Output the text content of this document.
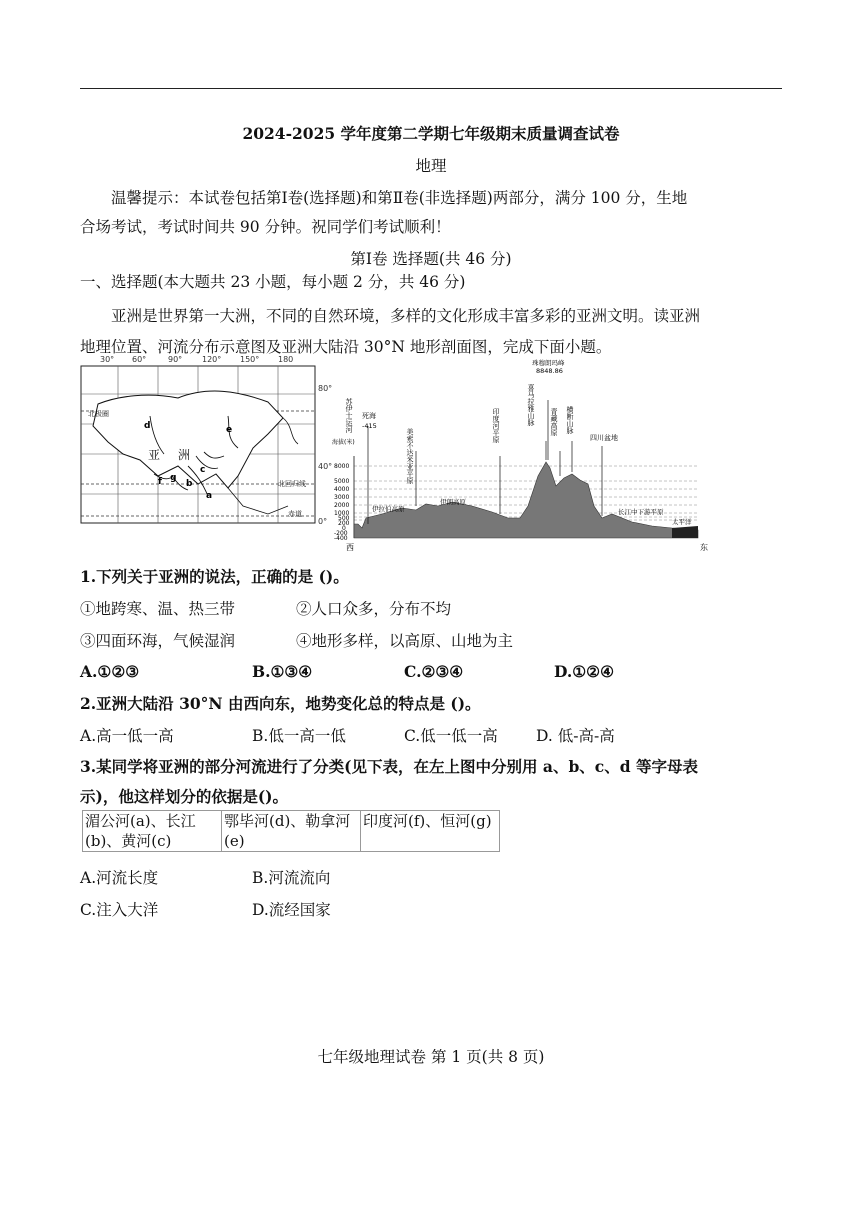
2024-2025 学年度第二学期七年级期末质量调查试卷
地理
温馨提示：本试卷包括第Ⅰ卷(选择题)和第Ⅱ卷(非选择题)两部分，满分 100 分，生地
合场考试，考试时间共 90 分钟。祝同学们考试顺利！
第Ⅰ卷 选择题(共 46 分)
一、选择题(本大题共 23 小题，每小题 2 分，共 46 分)
亚洲是世界第一大洲，不同的自然环境，多样的文化形成丰富多彩的亚洲文明。读亚洲
地理位置、河流分布示意图及亚洲大陆沿 30°N 地形剖面图，完成下面小题。
30° 60°	90° 120° 150° 180
80°
40°
0°
北极圈
亚 洲
北回归线
赤道
a
b
c
d	e
f g
珠穆朗玛峰
8848.86
苏伊士运河 死海
-415
美索不达米亚平原
印度河平原	喜马拉雅山脉 青藏高原 横断山脉
四川盆地
海拔(米)
8000
5000
4000
3000
2000
1000
500
200
0
-200
-400
伊拉伯高原
伊朗高原
长江中下游平原
太平洋
西	东
1.下列关于亚洲的说法，正确的是 ()。
①地跨寒、温、热三带	②人口众多，分布不均
③四面环海，气候湿润	④地形多样，以高原、山地为主
A.①②③	B.①③④	C.②③④	D.①②④
2.亚洲大陆沿 30°N 由西向东，地势变化总的特点是 ()。
A.高一低一高	B.低一高一低	C.低一低一高 D. 低-高-高
3.某同学将亚洲的部分河流进行了分类(见下表，在左上图中分别用 a、b、c、d 等字母表
示)，他这样划分的依据是()。
湄公河(a)、长江(b)、黄河(c)	鄂毕河(d)、勒拿河(e)	印度河(f)、恒河(g)
A.河流长度	B.河流流向
C.注入大洋	D.流经国家
七年级地理试卷 第 1 页(共 8 页)
